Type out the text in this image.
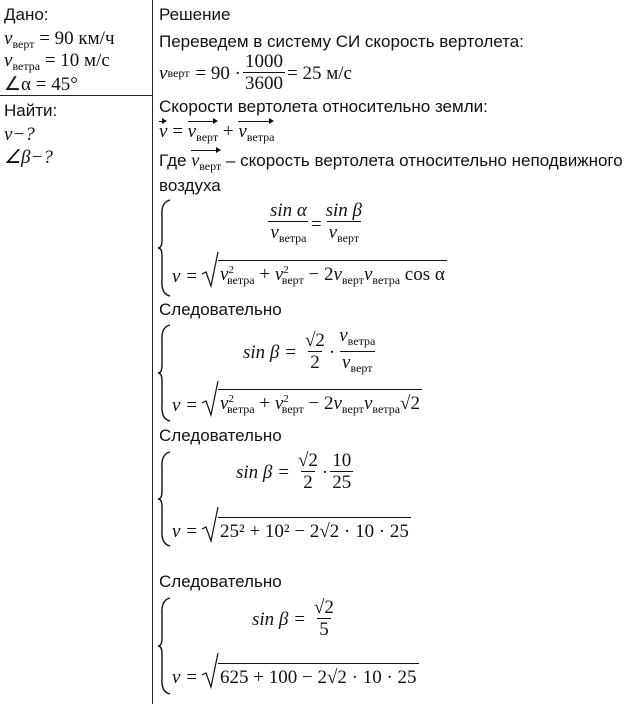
Дано:
$v_{верт} = 90$ км/ч
$v_{ветра} = 10$ м/с
∠α = 45°
Найти:
v−?
∠β−?
Решение
Переведем в систему СИ скорость вертолета:
v верт = $90 \cdot \frac{1000}{3600} = 25$ м/с
Скорости вертолета относительно земли:
$v = v_{верт} + v_{ветра}$
Где $v_{верт}$ – скорость вертолета относительно неподвижного
воздуха
$\frac{\text{sin α}}{v_{ветра}} = \frac{\text{sin β}}{v_{верт}}$
$v = v^2_{ветра} + v^2_{верт} - 2v_{верт}v_{ветра}$ cos α
Следовательно
$\sin \beta = \frac{√2}{2} \cdot \frac{v_{ветра}}{v_{верт}}$
$v = v^2_{ветра} + v^2_{верт} - 2v_{верт}v_{ветра}√2$
Следовательно
$\sin \beta = \frac{√2}{2} \cdot \frac{10}{25}$
v = 25² + 10² − 2√2 · 10 · 25
Следовательно
$\sin \beta = \frac{√2}{5}$
v = 625 + 100 − 2√2 · 10 · 25
